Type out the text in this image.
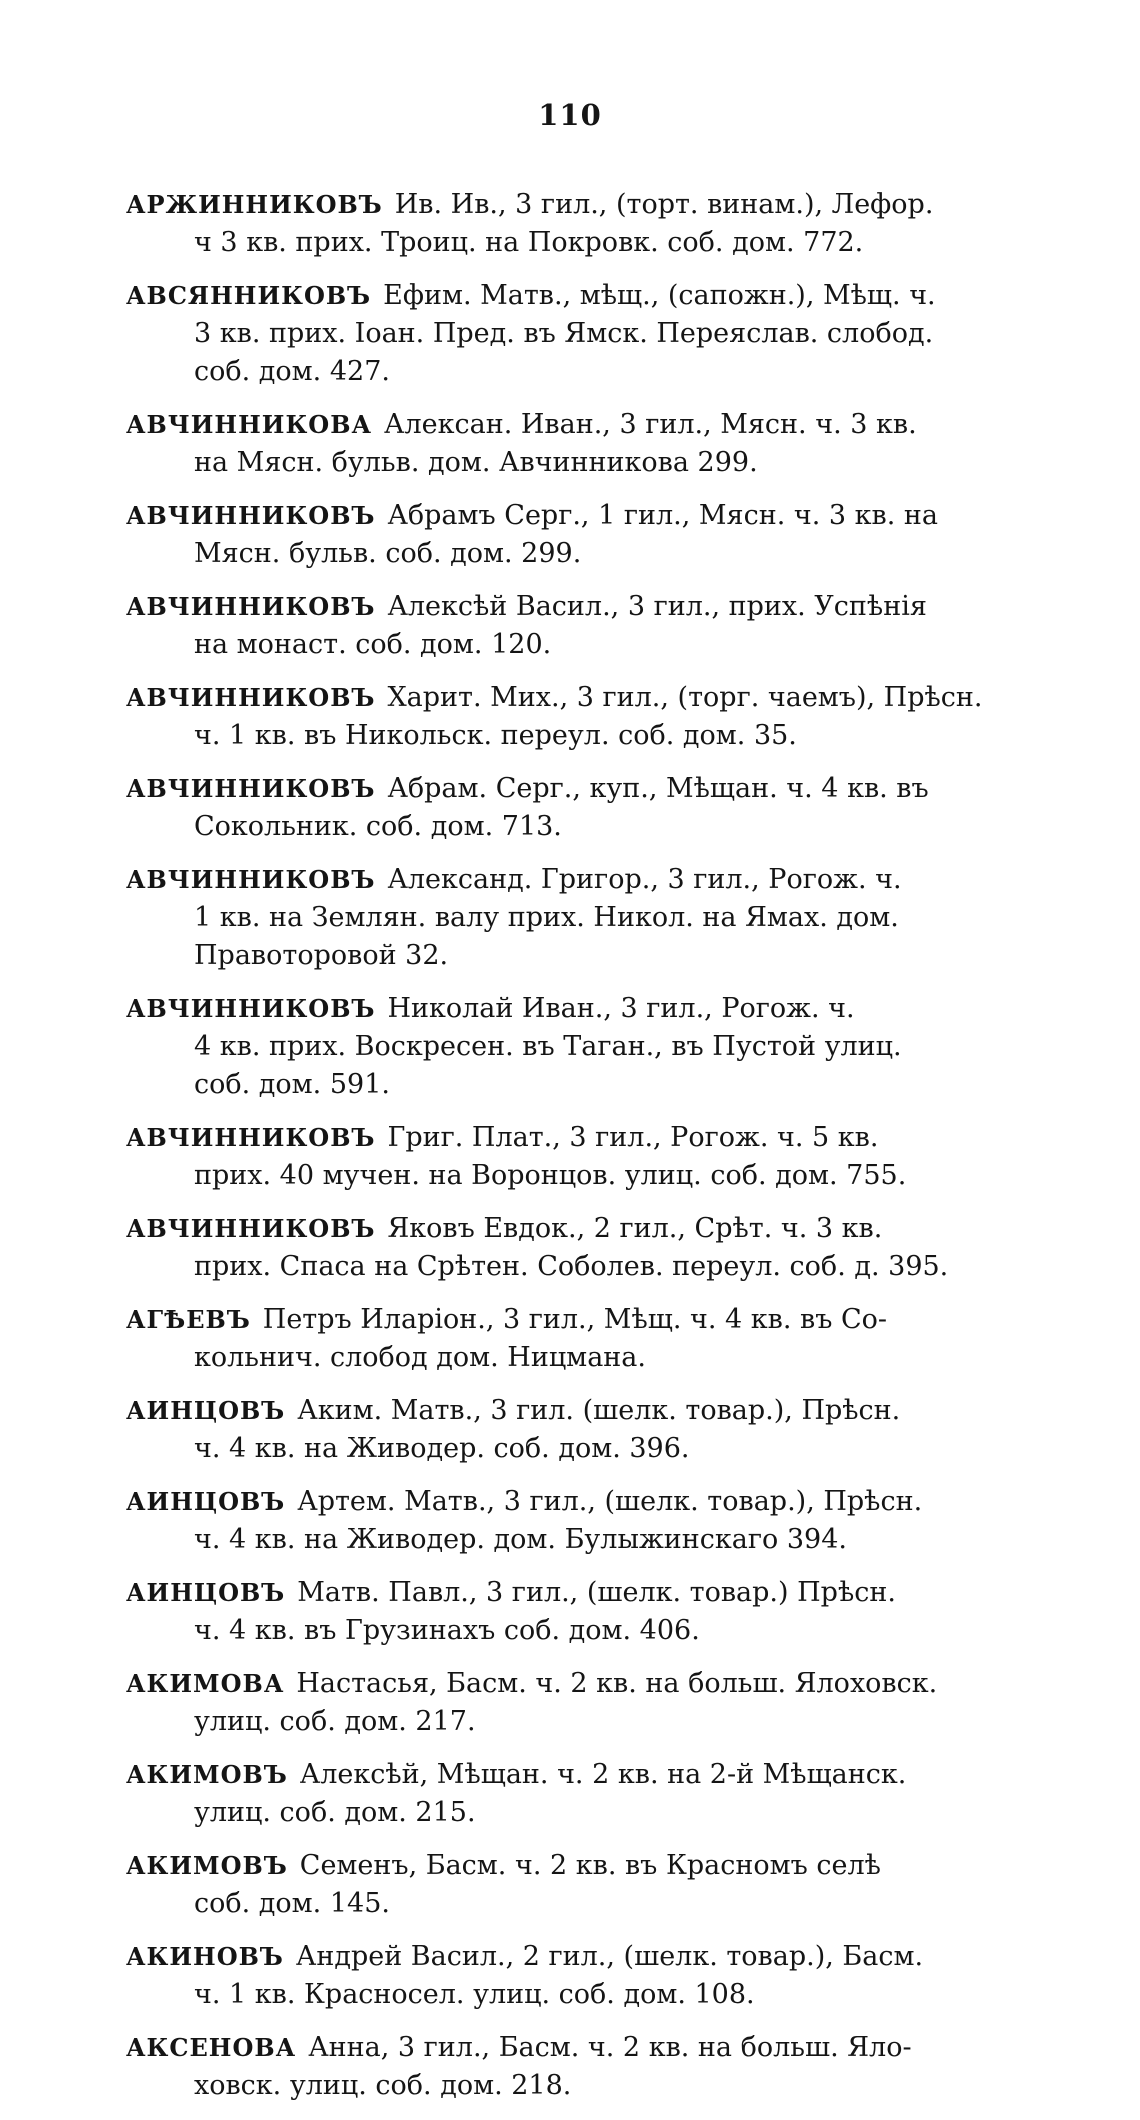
110
АРЖИННИКОВЪ Ив. Ив., 3 гил., (торт. винам.), Лефор.
ч 3 кв. прих. Троиц. на Покровк. соб. дом. 772.
АВСЯННИКОВЪ Ефим. Матв., мѣщ., (сапожн.), Мѣщ. ч.
3 кв. прих. Іоан. Пред. въ Ямск. Переяслав. слобод.
соб. дом. 427.
АВЧИННИКОВА Алексан. Иван., 3 гил., Мясн. ч. 3 кв.
на Мясн. бульв. дом. Авчинникова 299.
АВЧИННИКОВЪ Абрамъ Серг., 1 гил., Мясн. ч. 3 кв. на
Мясн. бульв. соб. дом. 299.
АВЧИННИКОВЪ Алексѣй Васил., 3 гил., прих. Успѣнія
на монаст. соб. дом. 120.
АВЧИННИКОВЪ Харит. Мих., 3 гил., (торг. чаемъ), Прѣсн.
ч. 1 кв. въ Никольск. переул. соб. дом. 35.
АВЧИННИКОВЪ Абрам. Серг., куп., Мѣщан. ч. 4 кв. въ
Сокольник. соб. дом. 713.
АВЧИННИКОВЪ Александ. Григор., 3 гил., Рогож. ч.
1 кв. на Землян. валу прих. Никол. на Ямах. дом.
Правоторовой 32.
АВЧИННИКОВЪ Николай Иван., 3 гил., Рогож. ч.
4 кв. прих. Воскресен. въ Таган., въ Пустой улиц.
соб. дом. 591.
АВЧИННИКОВЪ Григ. Плат., 3 гил., Рогож. ч. 5 кв.
прих. 40 мучен. на Воронцов. улиц. соб. дом. 755.
АВЧИННИКОВЪ Яковъ Евдок., 2 гил., Срѣт. ч. 3 кв.
прих. Спаса на Срѣтен. Соболев. переул. соб. д. 395.
АГѢЕВЪ Петръ Иларіон., 3 гил., Мѣщ. ч. 4 кв. въ Со-
кольнич. слобод дом. Ницмана.
АИНЦОВЪ Аким. Матв., 3 гил. (шелк. товар.), Прѣсн.
ч. 4 кв. на Живодер. соб. дом. 396.
АИНЦОВЪ Артем. Матв., 3 гил., (шелк. товар.), Прѣсн.
ч. 4 кв. на Живодер. дом. Булыжинскаго 394.
АИНЦОВЪ Матв. Павл., 3 гил., (шелк. товар.) Прѣсн.
ч. 4 кв. въ Грузинахъ соб. дом. 406.
АКИМОВА Настасья, Басм. ч. 2 кв. на больш. Ялоховск.
улиц. соб. дом. 217.
АКИМОВЪ Алексѣй, Мѣщан. ч. 2 кв. на 2-й Мѣщанск.
улиц. соб. дом. 215.
АКИМОВЪ Семенъ, Басм. ч. 2 кв. въ Красномъ селѣ
соб. дом. 145.
АКИНОВЪ Андрей Васил., 2 гил., (шелк. товар.), Басм.
ч. 1 кв. Красносел. улиц. соб. дом. 108.
АКСЕНОВА Анна, 3 гил., Басм. ч. 2 кв. на больш. Яло-
ховск. улиц. соб. дом. 218.
